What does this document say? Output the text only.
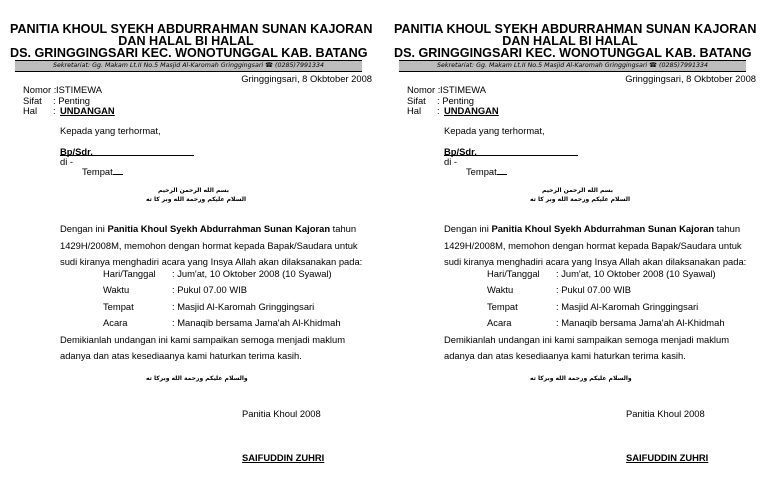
PANITIA KHOUL SYEKH ABDURRAHMAN SUNAN KAJORAN
DAN HALAL BI HALAL
DS. GRINGGINGSARI KEC. WONOTUNGGAL KAB. BATANG
Sekretariat: Gg. Makam Lt.II No.5 Masjid Al-Karomah Gringgingsari ☎ (0285)7991334
Gringgingsari, 8 Okbtober 2008
Nomor : ISTIMEWA
Sifat : Penting
Hal : UNDANGAN
Kepada yang terhormat,
Bp/Sdr.
di -
Tempat
بسم الله الرحمن الرحيم
السلام عليكم ورحمة الله وبر كا ته
Dengan ini Panitia Khoul Syekh Abdurrahman Sunan Kajoran tahun
1429H/2008M, memohon dengan hormat kepada Bapak/Saudara untuk
sudi kiranya menghadiri acara yang Insya Allah akan dilaksanakan pada:
Hari/Tanggal : Jum'at, 10 Oktober 2008 (10 Syawal)
Waktu	: Pukul 07.00 WIB
Tempat	: Masjid Al-Karomah Gringgingsari
Acara	: Manaqib bersama Jama'ah Al-Khidmah
Demikianlah undangan ini kami sampaikan semoga menjadi maklum
adanya dan atas kesediaanya kami haturkan terima kasih.
والسلام عليكم ورحمة الله وبركا ته
Panitia Khoul 2008
SAIFUDDIN ZUHRI
PANITIA KHOUL SYEKH ABDURRAHMAN SUNAN KAJORAN
DAN HALAL BI HALAL
DS. GRINGGINGSARI KEC. WONOTUNGGAL KAB. BATANG
Sekretariat: Gg. Makam Lt.II No.5 Masjid Al-Karomah Gringgingsari ☎ (0285)7991334
Gringgingsari, 8 Okbtober 2008
Nomor : ISTIMEWA
Sifat : Penting
Hal : UNDANGAN
Kepada yang terhormat,
Bp/Sdr.
di -
Tempat
بسم الله الرحمن الرحيم
السلام عليكم ورحمة الله وبر كا ته
Dengan ini Panitia Khoul Syekh Abdurrahman Sunan Kajoran tahun
1429H/2008M, memohon dengan hormat kepada Bapak/Saudara untuk
sudi kiranya menghadiri acara yang Insya Allah akan dilaksanakan pada:
Hari/Tanggal : Jum'at, 10 Oktober 2008 (10 Syawal)
Waktu	: Pukul 07.00 WIB
Tempat	: Masjid Al-Karomah Gringgingsari
Acara	: Manaqib bersama Jama'ah Al-Khidmah
Demikianlah undangan ini kami sampaikan semoga menjadi maklum
adanya dan atas kesediaanya kami haturkan terima kasih.
والسلام عليكم ورحمة الله وبركا ته
Panitia Khoul 2008
SAIFUDDIN ZUHRI
